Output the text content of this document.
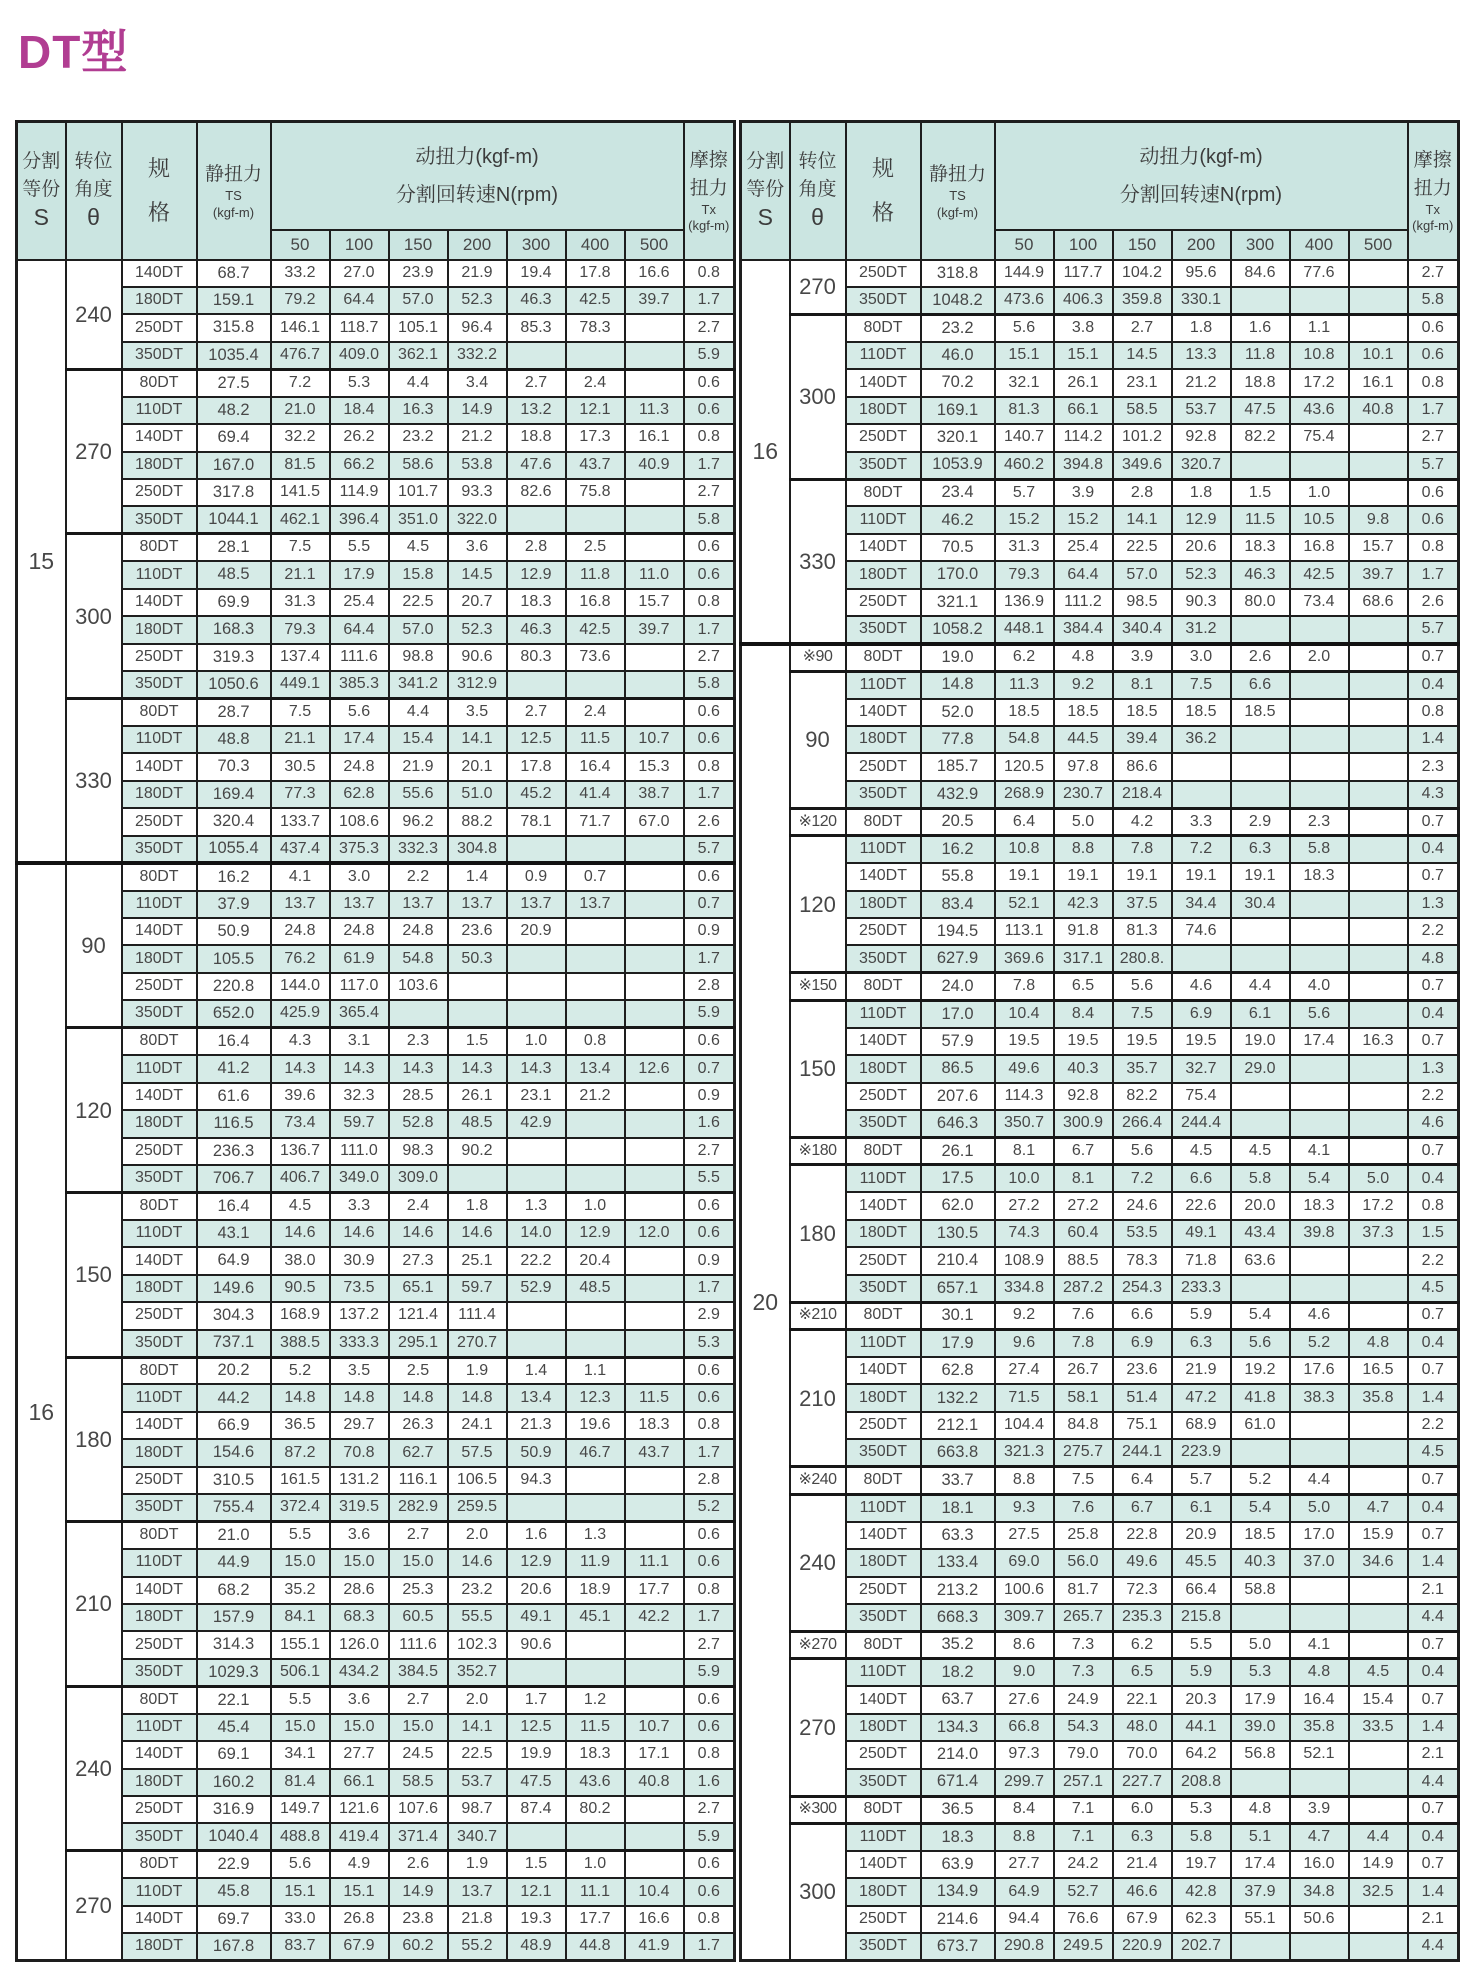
DT型
分割
等份
S

转位
角度
θ

规
格

静扭力
TS
(kgf-m)

动扭力(kgf-m)
分割回转速N(rpm)

摩擦
扭力
Tx
(kgf-m)

				50	100	150	200	300	400	500	
15	240	140DT	68.7	33.2	27.0	23.9	21.9	19.4	17.8	16.6	0.8
		180DT	159.1	79.2	64.4	57.0	52.3	46.3	42.5	39.7	1.7
		250DT	315.8	146.1	118.7	105.1	96.4	85.3	78.3		2.7
		350DT	1035.4	476.7	409.0	362.1	332.2				5.9
	270	80DT	27.5	7.2	5.3	4.4	3.4	2.7	2.4		0.6
		110DT	48.2	21.0	18.4	16.3	14.9	13.2	12.1	11.3	0.6
		140DT	69.4	32.2	26.2	23.2	21.2	18.8	17.3	16.1	0.8
		180DT	167.0	81.5	66.2	58.6	53.8	47.6	43.7	40.9	1.7
		250DT	317.8	141.5	114.9	101.7	93.3	82.6	75.8		2.7
		350DT	1044.1	462.1	396.4	351.0	322.0				5.8
	300	80DT	28.1	7.5	5.5	4.5	3.6	2.8	2.5		0.6
		110DT	48.5	21.1	17.9	15.8	14.5	12.9	11.8	11.0	0.6
		140DT	69.9	31.3	25.4	22.5	20.7	18.3	16.8	15.7	0.8
		180DT	168.3	79.3	64.4	57.0	52.3	46.3	42.5	39.7	1.7
		250DT	319.3	137.4	111.6	98.8	90.6	80.3	73.6		2.7
		350DT	1050.6	449.1	385.3	341.2	312.9				5.8
	330	80DT	28.7	7.5	5.6	4.4	3.5	2.7	2.4		0.6
		110DT	48.8	21.1	17.4	15.4	14.1	12.5	11.5	10.7	0.6
		140DT	70.3	30.5	24.8	21.9	20.1	17.8	16.4	15.3	0.8
		180DT	169.4	77.3	62.8	55.6	51.0	45.2	41.4	38.7	1.7
		250DT	320.4	133.7	108.6	96.2	88.2	78.1	71.7	67.0	2.6
		350DT	1055.4	437.4	375.3	332.3	304.8				5.7
16	90	80DT	16.2	4.1	3.0	2.2	1.4	0.9	0.7		0.6
		110DT	37.9	13.7	13.7	13.7	13.7	13.7	13.7		0.7
		140DT	50.9	24.8	24.8	24.8	23.6	20.9			0.9
		180DT	105.5	76.2	61.9	54.8	50.3				1.7
		250DT	220.8	144.0	117.0	103.6					2.8
		350DT	652.0	425.9	365.4						5.9
	120	80DT	16.4	4.3	3.1	2.3	1.5	1.0	0.8		0.6
		110DT	41.2	14.3	14.3	14.3	14.3	14.3	13.4	12.6	0.7
		140DT	61.6	39.6	32.3	28.5	26.1	23.1	21.2		0.9
		180DT	116.5	73.4	59.7	52.8	48.5	42.9			1.6
		250DT	236.3	136.7	111.0	98.3	90.2				2.7
		350DT	706.7	406.7	349.0	309.0					5.5
	150	80DT	16.4	4.5	3.3	2.4	1.8	1.3	1.0		0.6
		110DT	43.1	14.6	14.6	14.6	14.6	14.0	12.9	12.0	0.6
		140DT	64.9	38.0	30.9	27.3	25.1	22.2	20.4		0.9
		180DT	149.6	90.5	73.5	65.1	59.7	52.9	48.5		1.7
		250DT	304.3	168.9	137.2	121.4	111.4				2.9
		350DT	737.1	388.5	333.3	295.1	270.7				5.3
	180	80DT	20.2	5.2	3.5	2.5	1.9	1.4	1.1		0.6
		110DT	44.2	14.8	14.8	14.8	14.8	13.4	12.3	11.5	0.6
		140DT	66.9	36.5	29.7	26.3	24.1	21.3	19.6	18.3	0.8
		180DT	154.6	87.2	70.8	62.7	57.5	50.9	46.7	43.7	1.7
		250DT	310.5	161.5	131.2	116.1	106.5	94.3			2.8
		350DT	755.4	372.4	319.5	282.9	259.5				5.2
	210	80DT	21.0	5.5	3.6	2.7	2.0	1.6	1.3		0.6
		110DT	44.9	15.0	15.0	15.0	14.6	12.9	11.9	11.1	0.6
		140DT	68.2	35.2	28.6	25.3	23.2	20.6	18.9	17.7	0.8
		180DT	157.9	84.1	68.3	60.5	55.5	49.1	45.1	42.2	1.7
		250DT	314.3	155.1	126.0	111.6	102.3	90.6			2.7
		350DT	1029.3	506.1	434.2	384.5	352.7				5.9
	240	80DT	22.1	5.5	3.6	2.7	2.0	1.7	1.2		0.6
		110DT	45.4	15.0	15.0	15.0	14.1	12.5	11.5	10.7	0.6
		140DT	69.1	34.1	27.7	24.5	22.5	19.9	18.3	17.1	0.8
		180DT	160.2	81.4	66.1	58.5	53.7	47.5	43.6	40.8	1.6
		250DT	316.9	149.7	121.6	107.6	98.7	87.4	80.2		2.7
		350DT	1040.4	488.8	419.4	371.4	340.7				5.9
	270	80DT	22.9	5.6	4.9	2.6	1.9	1.5	1.0		0.6
		110DT	45.8	15.1	15.1	14.9	13.7	12.1	11.1	10.4	0.6
		140DT	69.7	33.0	26.8	23.8	21.8	19.3	17.7	16.6	0.8
		180DT	167.8	83.7	67.9	60.2	55.2	48.9	44.8	41.9	1.7
分割
等份
S

转位
角度
θ

规
格

静扭力
TS
(kgf-m)

动扭力(kgf-m)
分割回转速N(rpm)

摩擦
扭力
Tx
(kgf-m)

				50	100	150	200	300	400	500	
16	270	250DT	318.8	144.9	117.7	104.2	95.6	84.6	77.6		2.7
		350DT	1048.2	473.6	406.3	359.8	330.1				5.8
	300	80DT	23.2	5.6	3.8	2.7	1.8	1.6	1.1		0.6
		110DT	46.0	15.1	15.1	14.5	13.3	11.8	10.8	10.1	0.6
		140DT	70.2	32.1	26.1	23.1	21.2	18.8	17.2	16.1	0.8
		180DT	169.1	81.3	66.1	58.5	53.7	47.5	43.6	40.8	1.7
		250DT	320.1	140.7	114.2	101.2	92.8	82.2	75.4		2.7
		350DT	1053.9	460.2	394.8	349.6	320.7				5.7
	330	80DT	23.4	5.7	3.9	2.8	1.8	1.5	1.0		0.6
		110DT	46.2	15.2	15.2	14.1	12.9	11.5	10.5	9.8	0.6
		140DT	70.5	31.3	25.4	22.5	20.6	18.3	16.8	15.7	0.8
		180DT	170.0	79.3	64.4	57.0	52.3	46.3	42.5	39.7	1.7
		250DT	321.1	136.9	111.2	98.5	90.3	80.0	73.4	68.6	2.6
		350DT	1058.2	448.1	384.4	340.4	31.2				5.7
20	※90	80DT	19.0	6.2	4.8	3.9	3.0	2.6	2.0		0.7
	90	110DT	14.8	11.3	9.2	8.1	7.5	6.6			0.4
		140DT	52.0	18.5	18.5	18.5	18.5	18.5			0.8
		180DT	77.8	54.8	44.5	39.4	36.2				1.4
		250DT	185.7	120.5	97.8	86.6					2.3
		350DT	432.9	268.9	230.7	218.4					4.3
	※120	80DT	20.5	6.4	5.0	4.2	3.3	2.9	2.3		0.7
	120	110DT	16.2	10.8	8.8	7.8	7.2	6.3	5.8		0.4
		140DT	55.8	19.1	19.1	19.1	19.1	19.1	18.3		0.7
		180DT	83.4	52.1	42.3	37.5	34.4	30.4			1.3
		250DT	194.5	113.1	91.8	81.3	74.6				2.2
		350DT	627.9	369.6	317.1	280.8.					4.8
	※150	80DT	24.0	7.8	6.5	5.6	4.6	4.4	4.0		0.7
	150	110DT	17.0	10.4	8.4	7.5	6.9	6.1	5.6		0.4
		140DT	57.9	19.5	19.5	19.5	19.5	19.0	17.4	16.3	0.7
		180DT	86.5	49.6	40.3	35.7	32.7	29.0			1.3
		250DT	207.6	114.3	92.8	82.2	75.4				2.2
		350DT	646.3	350.7	300.9	266.4	244.4				4.6
	※180	80DT	26.1	8.1	6.7	5.6	4.5	4.5	4.1		0.7
	180	110DT	17.5	10.0	8.1	7.2	6.6	5.8	5.4	5.0	0.4
		140DT	62.0	27.2	27.2	24.6	22.6	20.0	18.3	17.2	0.8
		180DT	130.5	74.3	60.4	53.5	49.1	43.4	39.8	37.3	1.5
		250DT	210.4	108.9	88.5	78.3	71.8	63.6			2.2
		350DT	657.1	334.8	287.2	254.3	233.3				4.5
	※210	80DT	30.1	9.2	7.6	6.6	5.9	5.4	4.6		0.7
	210	110DT	17.9	9.6	7.8	6.9	6.3	5.6	5.2	4.8	0.4
		140DT	62.8	27.4	26.7	23.6	21.9	19.2	17.6	16.5	0.7
		180DT	132.2	71.5	58.1	51.4	47.2	41.8	38.3	35.8	1.4
		250DT	212.1	104.4	84.8	75.1	68.9	61.0			2.2
		350DT	663.8	321.3	275.7	244.1	223.9				4.5
	※240	80DT	33.7	8.8	7.5	6.4	5.7	5.2	4.4		0.7
	240	110DT	18.1	9.3	7.6	6.7	6.1	5.4	5.0	4.7	0.4
		140DT	63.3	27.5	25.8	22.8	20.9	18.5	17.0	15.9	0.7
		180DT	133.4	69.0	56.0	49.6	45.5	40.3	37.0	34.6	1.4
		250DT	213.2	100.6	81.7	72.3	66.4	58.8			2.1
		350DT	668.3	309.7	265.7	235.3	215.8				4.4
	※270	80DT	35.2	8.6	7.3	6.2	5.5	5.0	4.1		0.7
	270	110DT	18.2	9.0	7.3	6.5	5.9	5.3	4.8	4.5	0.4
		140DT	63.7	27.6	24.9	22.1	20.3	17.9	16.4	15.4	0.7
		180DT	134.3	66.8	54.3	48.0	44.1	39.0	35.8	33.5	1.4
		250DT	214.0	97.3	79.0	70.0	64.2	56.8	52.1		2.1
		350DT	671.4	299.7	257.1	227.7	208.8				4.4
	※300	80DT	36.5	8.4	7.1	6.0	5.3	4.8	3.9		0.7
	300	110DT	18.3	8.8	7.1	6.3	5.8	5.1	4.7	4.4	0.4
		140DT	63.9	27.7	24.2	21.4	19.7	17.4	16.0	14.9	0.7
		180DT	134.9	64.9	52.7	46.6	42.8	37.9	34.8	32.5	1.4
		250DT	214.6	94.4	76.6	67.9	62.3	55.1	50.6		2.1
		350DT	673.7	290.8	249.5	220.9	202.7				4.4
